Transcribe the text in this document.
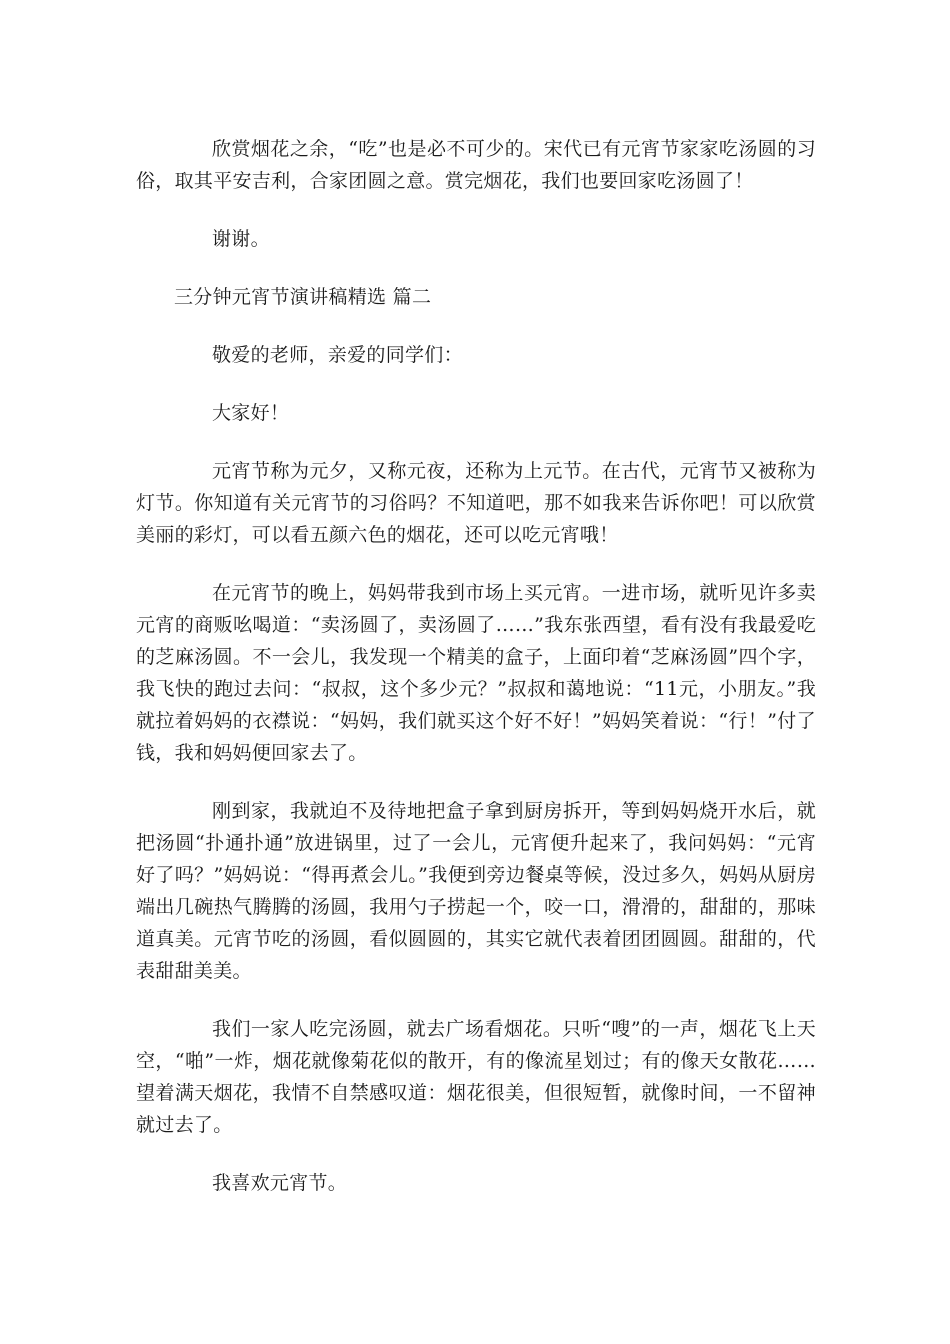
欣赏烟花之余，“吃”也是必不可少的。宋代已有元宵节家家吃汤圆的习俗，取其平安吉利，合家团圆之意。赏完烟花，我们也要回家吃汤圆了！

谢谢。

三分钟元宵节演讲稿精选 篇二

敬爱的老师，亲爱的同学们：

大家好！

元宵节称为元夕，又称元夜，还称为上元节。在古代，元宵节又被称为灯节。你知道有关元宵节的习俗吗？不知道吧，那不如我来告诉你吧！可以欣赏美丽的彩灯，可以看五颜六色的烟花，还可以吃元宵哦！

在元宵节的晚上，妈妈带我到市场上买元宵。一进市场，就听见许多卖元宵的商贩吆喝道：“卖汤圆了，卖汤圆了……”我东张西望，看有没有我最爱吃的芝麻汤圆。不一会儿，我发现一个精美的盒子，上面印着“芝麻汤圆”四个字，我飞快的跑过去问：“叔叔，这个多少元？”叔叔和蔼地说：“11元，小朋友。”我就拉着妈妈的衣襟说：“妈妈，我们就买这个好不好！”妈妈笑着说：“行！”付了钱，我和妈妈便回家去了。

刚到家，我就迫不及待地把盒子拿到厨房拆开，等到妈妈烧开水后，就把汤圆“扑通扑通”放进锅里，过了一会儿，元宵便升起来了，我问妈妈：“元宵好了吗？”妈妈说：“得再煮会儿。”我便到旁边餐桌等候，没过多久，妈妈从厨房端出几碗热气腾腾的汤圆，我用勺子捞起一个，咬一口，滑滑的，甜甜的，那味道真美。元宵节吃的汤圆，看似圆圆的，其实它就代表着团团圆圆。甜甜的，代表甜甜美美。

我们一家人吃完汤圆，就去广场看烟花。只听“嗖”的一声，烟花飞上天空，“啪”一炸，烟花就像菊花似的散开，有的像流星划过；有的像天女散花……望着满天烟花，我情不自禁感叹道：烟花很美，但很短暂，就像时间，一不留神就过去了。

我喜欢元宵节。
